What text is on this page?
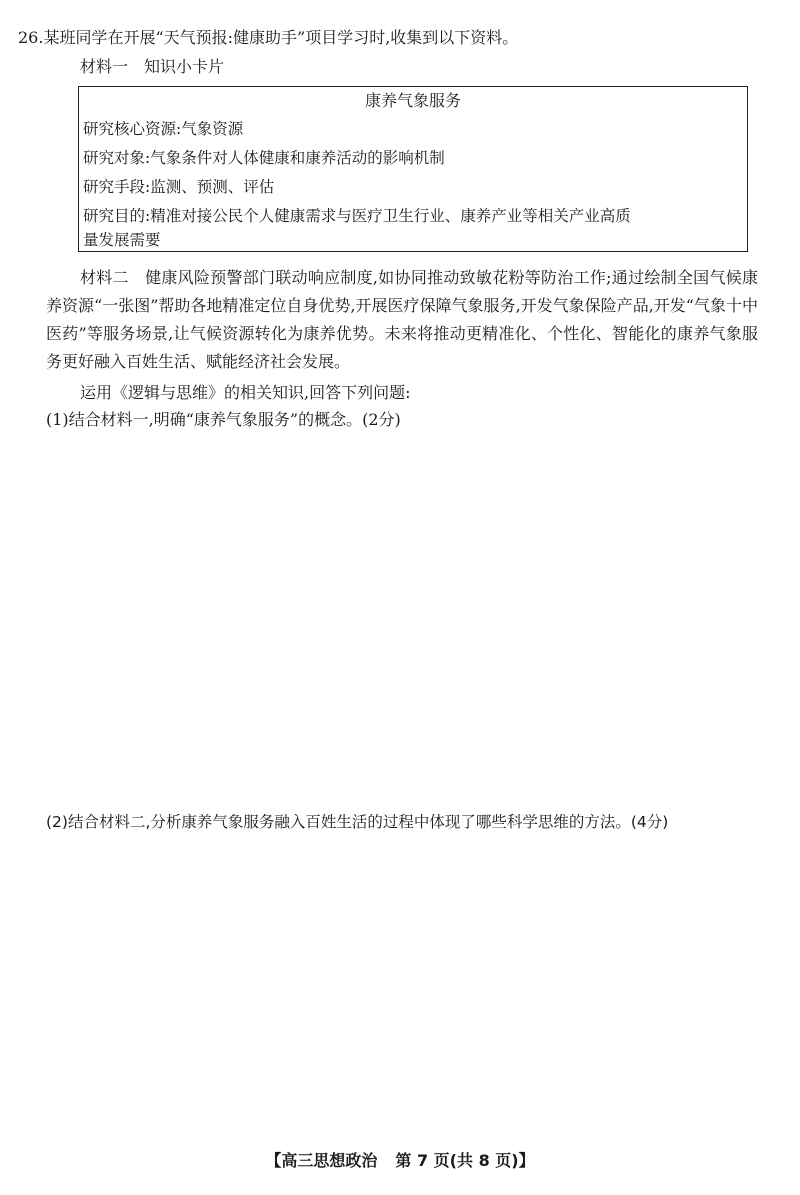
26.某班同学在开展“天气预报:健康助手”项目学习时,收集到以下资料。
材料一　知识小卡片
康养气象服务
研究核心资源:气象资源
研究对象:气象条件对人体健康和康养活动的影响机制
研究手段:监测、预测、评估
研究目的:精准对接公民个人健康需求与医疗卫生行业、康养产业等相关产业高质
量发展需要
材料二　健康风险预警部门联动响应制度,如协同推动致敏花粉等防治工作;通过绘制全国气候康养资源“一张图”帮助各地精准定位自身优势,开展医疗保障气象服务,开发气象保险产品,开发“气象十中医药”等服务场景,让气候资源转化为康养优势。未来将推动更精准化、个性化、智能化的康养气象服务更好融入百姓生活、赋能经济社会发展。
运用《逻辑与思维》的相关知识,回答下列问题:
(1)结合材料一,明确“康养气象服务”的概念。(2分)
(2)结合材料二,分析康养气象服务融入百姓生活的过程中体现了哪些科学思维的方法。(4分)
【高三思想政治 第 7 页(共 8 页)】
